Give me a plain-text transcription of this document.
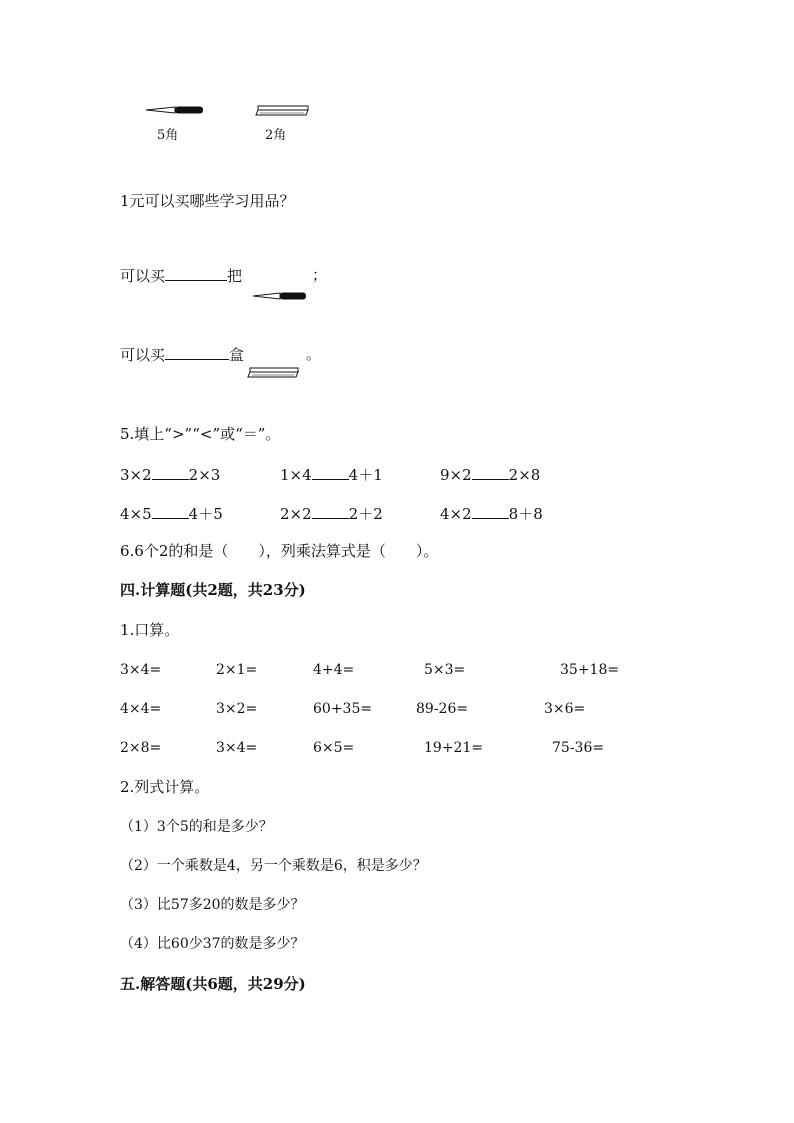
5角	2角
1元可以买哪些学习用品？
可以买	把	；
可以买	盒	。
5.填上“>”“<”或“＝”。
3×2 2×3	1×4 4＋1	9×2 2×8
4×5 4＋5	2×2 2＋2	4×2 8＋8
6.6个2的和是（　　），列乘法算式是（　　）。
四.计算题(共2题，共23分)
1.口算。
3×4=	2×1=	4+4=	5×3=	35+18=
4×4=	3×2=	60+35=	89-26=	3×6=
2×8=	3×4=	6×5=	19+21=	75-36=
2.列式计算。
（1）3个5的和是多少？
（2）一个乘数是4，另一个乘数是6，积是多少？
（3）比57多20的数是多少？
（4）比60少37的数是多少？
五.解答题(共6题，共29分)
